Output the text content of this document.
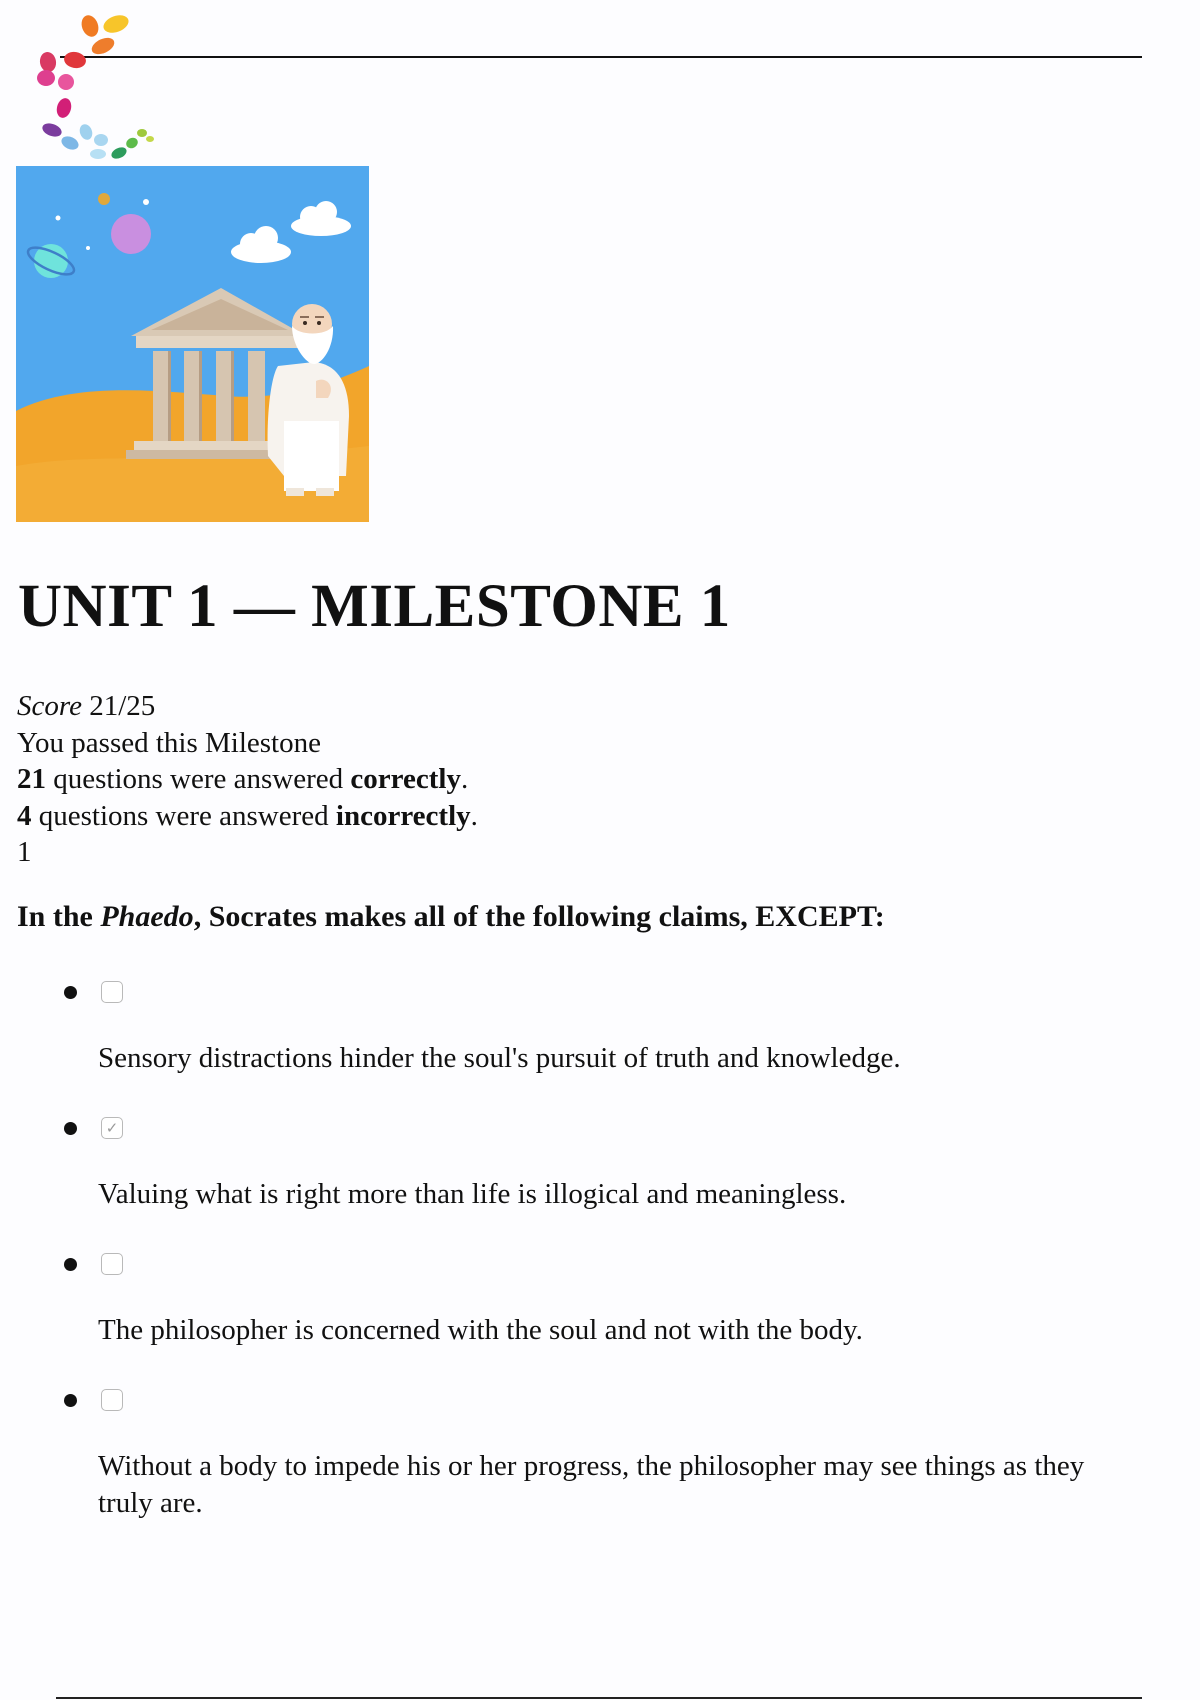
UNIT 1 — MILESTONE 1
Score 21/25
You passed this Milestone
21 questions were answered correctly.
4 questions were answered incorrectly.
1

In the Phaedo, Socrates makes all of the following claims, EXCEPT:

Sensory distractions hinder the soul's pursuit of truth and knowledge.
✓
Valuing what is right more than life is illogical and meaningless.
The philosopher is concerned with the soul and not with the body.
Without a body to impede his or her progress, the philosopher may see things as they truly are.
